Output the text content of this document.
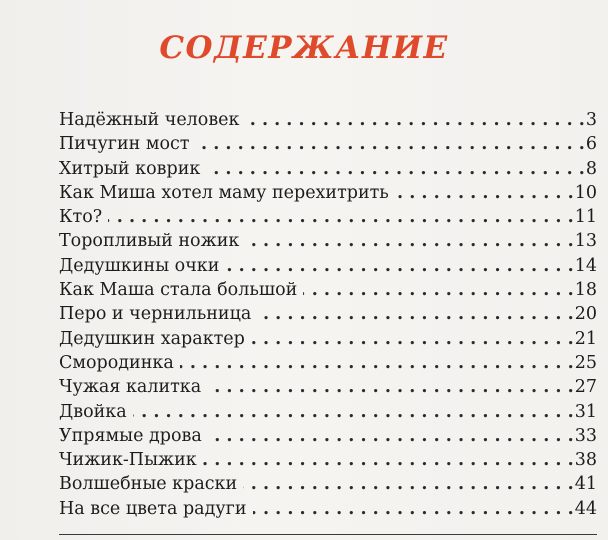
СОДЕРЖАНИЕ
Надёжный человек . . .	3
Пичугин мост . . .	6
Хитрый коврик . . .	8
Как Миша хотел маму перехитрить . . .	10
Кто? . . .	11
Торопливый ножик . . .	13
Дедушкины очки . . .	14
Как Маша стала большой . . .	18
Перо и чернильница . . .	20
Дедушкин характер . . .	21
Смородинка . . .	25
Чужая калитка . . .	27
Двойка . . .	31
Упрямые дрова . . .	33
Чижик-Пыжик . . .	38
Волшебные краски . . .	41
На все цвета радуги . . .	44
